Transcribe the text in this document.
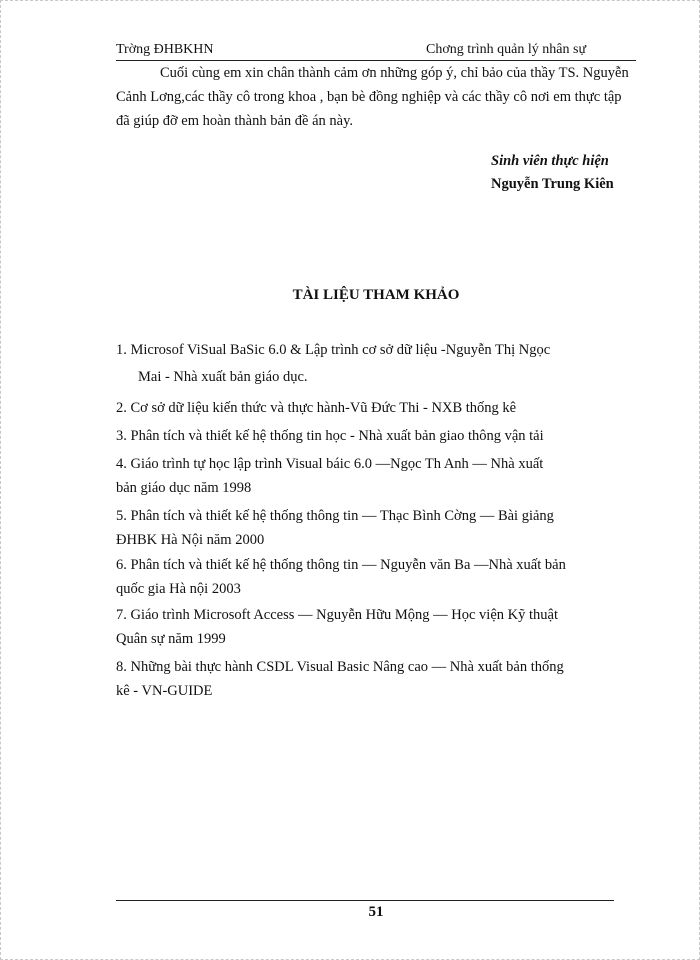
Trờng ĐHBKHN	Chơng trình quản lý nhân sự

Cuối cùng em xin chân thành cảm ơn những góp ý, chỉ bảo của thầy TS. Nguyễn Cảnh Lơng,các thầy cô trong khoa , bạn bè đồng nghiệp và các thầy cô nơi em thực tập đã giúp đỡ em hoàn thành bản đề án này.

Sinh viên thực hiện
Nguyễn Trung Kiên
TÀI LIỆU THAM KHẢO
1. Microsof ViSual BaSic 6.0 & Lập trình cơ sở dữ liệu -Nguyễn Thị Ngọc
Mai - Nhà xuất bản giáo dục.
2. Cơ sở dữ liệu kiến thức và thực hành-Vũ Đức Thi - NXB thống kê
3. Phân tích và thiết kế hệ thống tin học - Nhà xuất bản giao thông vận tải
4. Giáo trình tự học lập trình Visual báic 6.0 —Ngọc Th Anh — Nhà xuất
bản giáo dục năm 1998
5. Phân tích và thiết kế hệ thống thông tin — Thạc Bình Cờng — Bài giảng
ĐHBK Hà Nội năm 2000
6. Phân tích và thiết kế hệ thống thông tin — Nguyễn văn Ba —Nhà xuất bản
quốc gia Hà nội 2003
7. Giáo trình Microsoft Access — Nguyễn Hữu Mộng — Học viện Kỹ thuật
Quân sự năm 1999
8. Những bài thực hành CSDL Visual Basic Nâng cao — Nhà xuất bản thống
kê - VN-GUIDE
51
